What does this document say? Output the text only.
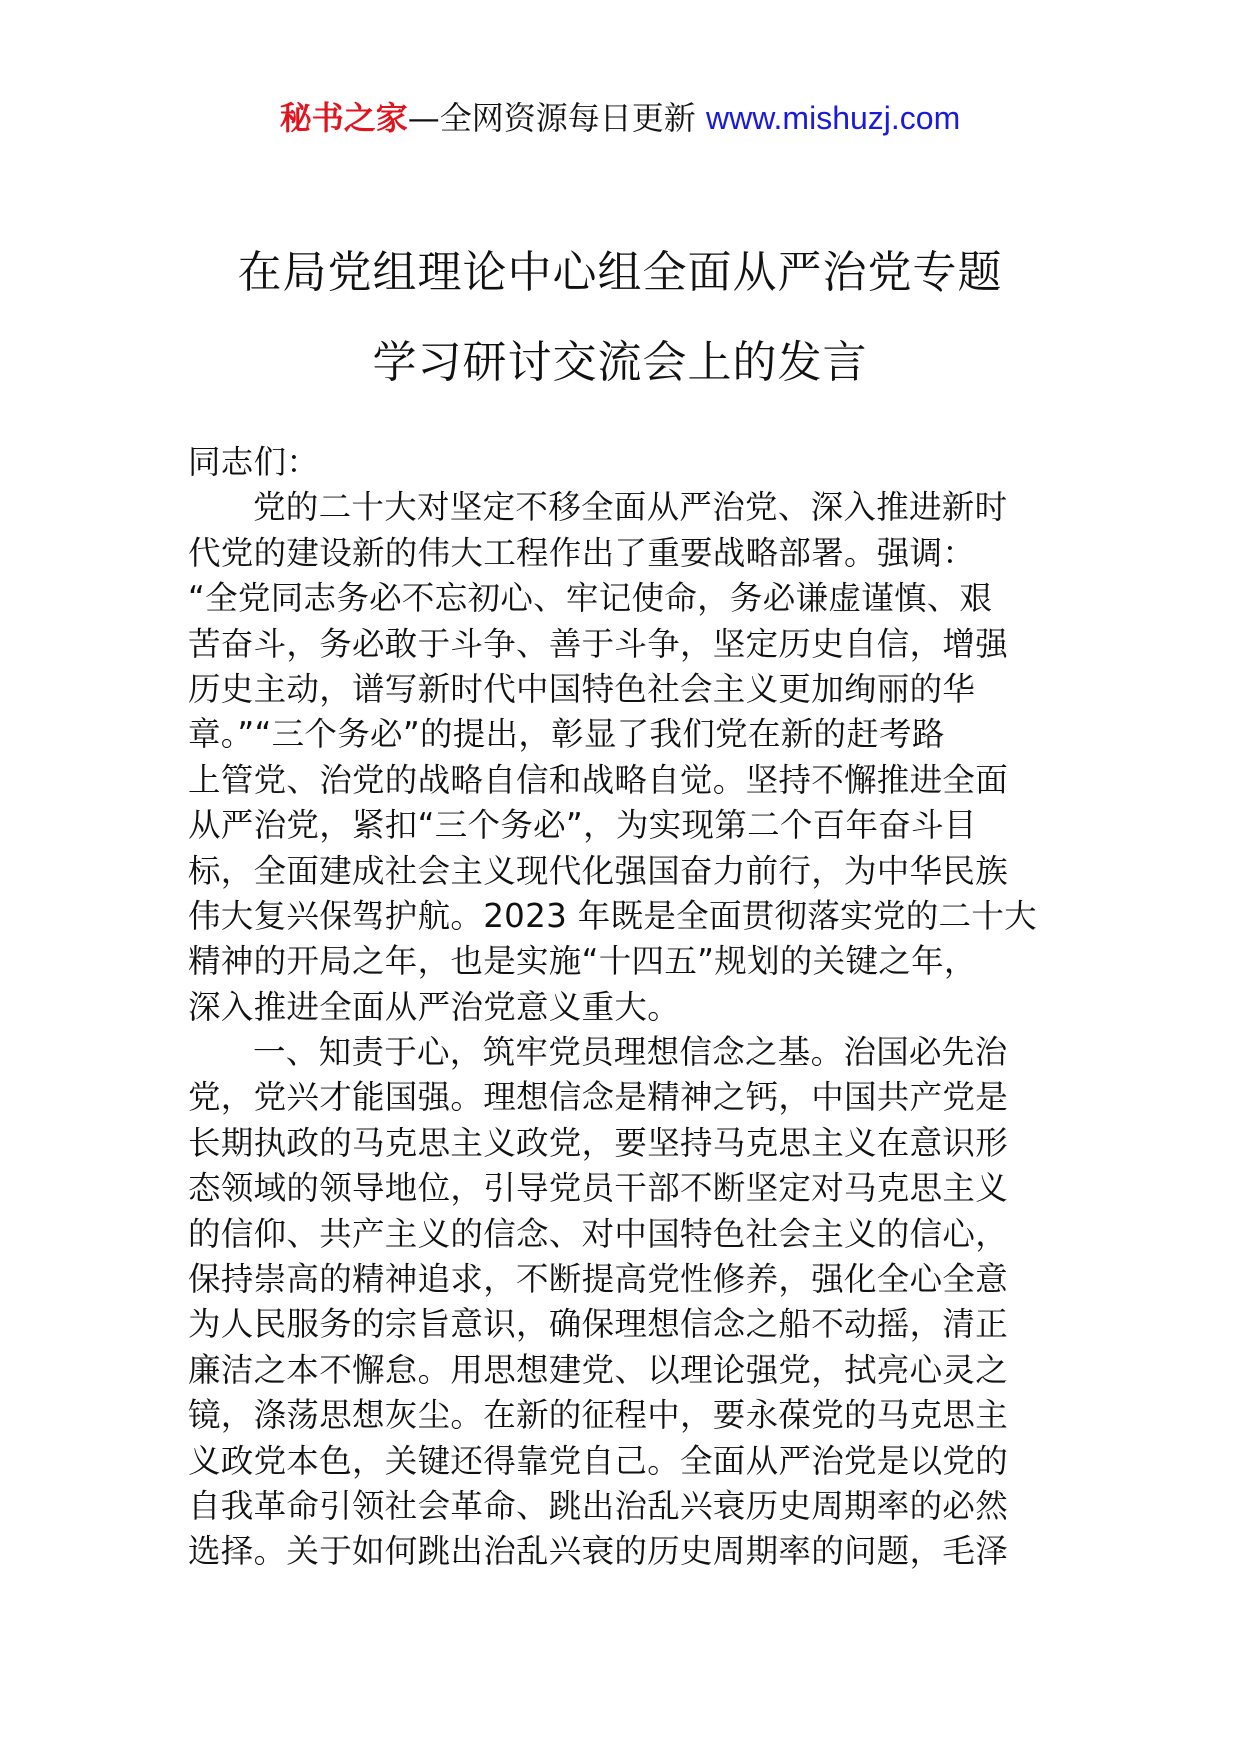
秘书之家—全网资源每日更新 www.mishuzj.com
在局党组理论中心组全面从严治党专题
学习研讨交流会上的发言
同志们：
党的二十大对坚定不移全面从严治党、深入推进新时
代党的建设新的伟大工程作出了重要战略部署。强调：
“全党同志务必不忘初心、牢记使命，务必谦虚谨慎、艰
苦奋斗，务必敢于斗争、善于斗争，坚定历史自信，增强
历史主动，谱写新时代中国特色社会主义更加绚丽的华
章。”“三个务必”的提出，彰显了我们党在新的赶考路
上管党、治党的战略自信和战略自觉。坚持不懈推进全面
从严治党，紧扣“三个务必”，为实现第二个百年奋斗目
标，全面建成社会主义现代化强国奋力前行，为中华民族
伟大复兴保驾护航。2023 年既是全面贯彻落实党的二十大
精神的开局之年，也是实施“十四五”规划的关键之年，
深入推进全面从严治党意义重大。
一、知责于心，筑牢党员理想信念之基。治国必先治
党，党兴才能国强。理想信念是精神之钙，中国共产党是
长期执政的马克思主义政党，要坚持马克思主义在意识形
态领域的领导地位，引导党员干部不断坚定对马克思主义
的信仰、共产主义的信念、对中国特色社会主义的信心，
保持崇高的精神追求，不断提高党性修养，强化全心全意
为人民服务的宗旨意识，确保理想信念之船不动摇，清正
廉洁之本不懈怠。用思想建党、以理论强党，拭亮心灵之
镜，涤荡思想灰尘。在新的征程中，要永葆党的马克思主
义政党本色，关键还得靠党自己。全面从严治党是以党的
自我革命引领社会革命、跳出治乱兴衰历史周期率的必然
选择。关于如何跳出治乱兴衰的历史周期率的问题，毛泽
